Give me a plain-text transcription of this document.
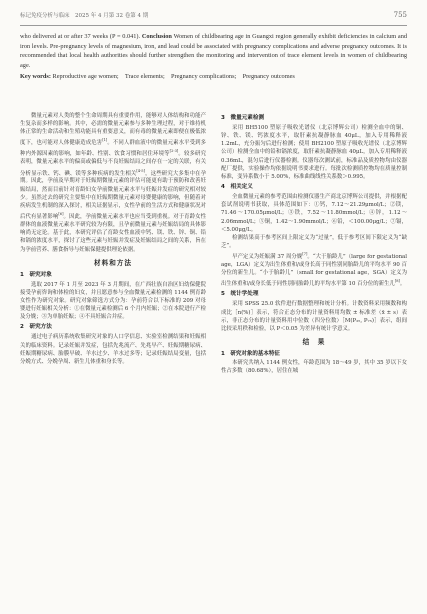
标记免疫分析与临床　2025 年 4 月第 32 卷第 4 期	755
who delivered at or after 37 weeks (P = 0.041). Conclusion Women of childbearing age in Guangxi region generally exhibit deficiencies in calcium and iron levels. Pre-pregnancy levels of magnesium, iron, and lead could be associated with pregnancy complications and adverse pregnancy outcomes. It is recommended that local health authorities should further strengthen the monitoring and intervention of trace element levels in women of childbearing age.
Key words: Reproductive age women;　Trace elements;　Pregnancy complications;　Pregnancy outcomes

微量元素对人类的整个生命周期具有重要作用，能够对人体结构和功能产生复杂而多样的影响。其中，必需的微量元素参与多种生理过程，对于维持机体正常的生命活动和生殖功能具有重要意义，而有毒的微量元素即便在极低浓度下，也可能对人体健康造成危害[1]。不同人群血液中的微量元素水平受到多种内外源因素的影响，如年龄、性别、饮食习惯和居住环境等[2-3]。较多研究表明，微量元素水平的偏高或偏低与不良妊娠结局之间存在一定的关联，有关分析显示铁、钙、碘、镁等多种疾病的发生相关[4-5]，这些研究大多集中在孕期。因此，孕前及早期对于妊娠期微量元素的评估可能更有助于预防和改善妊娠结局，然而目前针对育龄妇女孕前微量元素水平与妊娠并发症的研究相对较少。虽然过去的研究主要集中在妊娠期微量元素对母婴健康的影响，但随着对疾病发生机制的深入探讨，相关证据显示，女性孕前的生活方式和健康状况对后代有显著影响[6]。因此，孕前微量元素水平也应当受到重视。对于育龄女性群体的血液微量元素水平研究较为有限，且孕前微量元素与妊娠结局的具体影响尚无定论。基于此，本研究评估了育龄女性血液中钙、镁、铁、锌、铜、铅和镉的浓度水平，探讨了这些元素与妊娠并发症及妊娠结局之间的关系，旨在为孕前营养、膳食指导与妊娠保健提供理论依据。

材料和方法
1　研究对象

选取 2017 年 1 月至 2023 年 3 月期间，在广西壮族自治区妇幼保健院接受孕前咨询和体检的妇女，并且愿意参与全血微量元素检测的 1144 例育龄女性作为研究对象。研究对象筛选方式分为：孕前符合以下标准的 209 对母婴进行妊娠相关分析：①在微量元素检测后 6 个月内妊娠；②在本院进行产检及分娩；③为单胎妊娠；④不具妊娠合并症。

2　研究方法

通过电子病历系统收集研究对象的人口学信息、实验室检测结果和妊娠相关的临床资料。记录妊娠并发症，包括先兆流产、先兆早产、妊娠期糖尿病、妊娠期糖尿病、胎膜早破、羊水过少、羊水过多等；记录妊娠结局变量，包括分娩方式、分娩孕周、新生儿体重和身长等。

3　微量元素检测

采用 BH5100 塑原子吸收光谱仪（北京博辉公司）检测全血中的铜、锌、铁、镁、钙浓度水平，取肝素抗凝静脉血 40μL，加入专用稀释液 1.2mL，充分振匀后进行检测；使用 BH2100 塑原子吸收光谱仪（北京博辉公司）检测全血中的铅和镉浓度，取肝素抗凝静脉血 40μL，加入专用稀释液 0.36mL，混匀后进行仪器检测。仪器每次测试前，标准品及质控物均由仪器配厂提供，实验操作均依据说明书要求进行。每批次检测质控物均在质量控制标准，变异系数小于 5.00%，标准曲线线性关系数＞0.995。

4　相关定义

全血微量元素的参考范围由检测仪器生产商北京博辉公司提供，并根据配套试剂说明书获取，具体范围如下：①钙，7.12～21.29μmol/L；②镁，71.46～170.05μmol/L；③铁，7.52～11.80mmol/L；④锌，1.12～2.06mmol/L；⑤铜，1.42～1.90mmol/L；⑥铅，＜100.00μg/L；⑦镉，＜5.00μg/L。

检测结果高于参考区间上限定义为“过量”，低于参考区间下限定义为“缺乏”。

早产定义为妊娠满 37 周分娩[7]。“大于胎龄儿”（large for gestational age，LGA）定义为出生体重和/或身长高于同性别同胎龄儿的平均水平 90 百分位的新生儿。“小于胎龄儿”（small for gestational age，SGA）定义为出生体重和/或身长低于同性别同胎龄儿的平均水平第 10 百分位的新生儿[8]。

5　统计学处理

采用 SPSS 25.0 软件进行数据整理和统计分析。计数资料采用频数和构成比［n(%)］表示，符合正态分布的计量资料用均数 ± 标准差（x̄ ± s）表示，非正态分布的计量资料用中位数（四分位数）［M(P₂₅, P₇₅)］表示，组间比较采用秩和检验，以 P＜0.05 为差异有统计学意义。

结　果
1　研究对象的基本特征

本研究共纳入 1144 例女性，年龄范围为 18～49 岁，其中 35 岁以下女性占多数（80.68%），居住在城
